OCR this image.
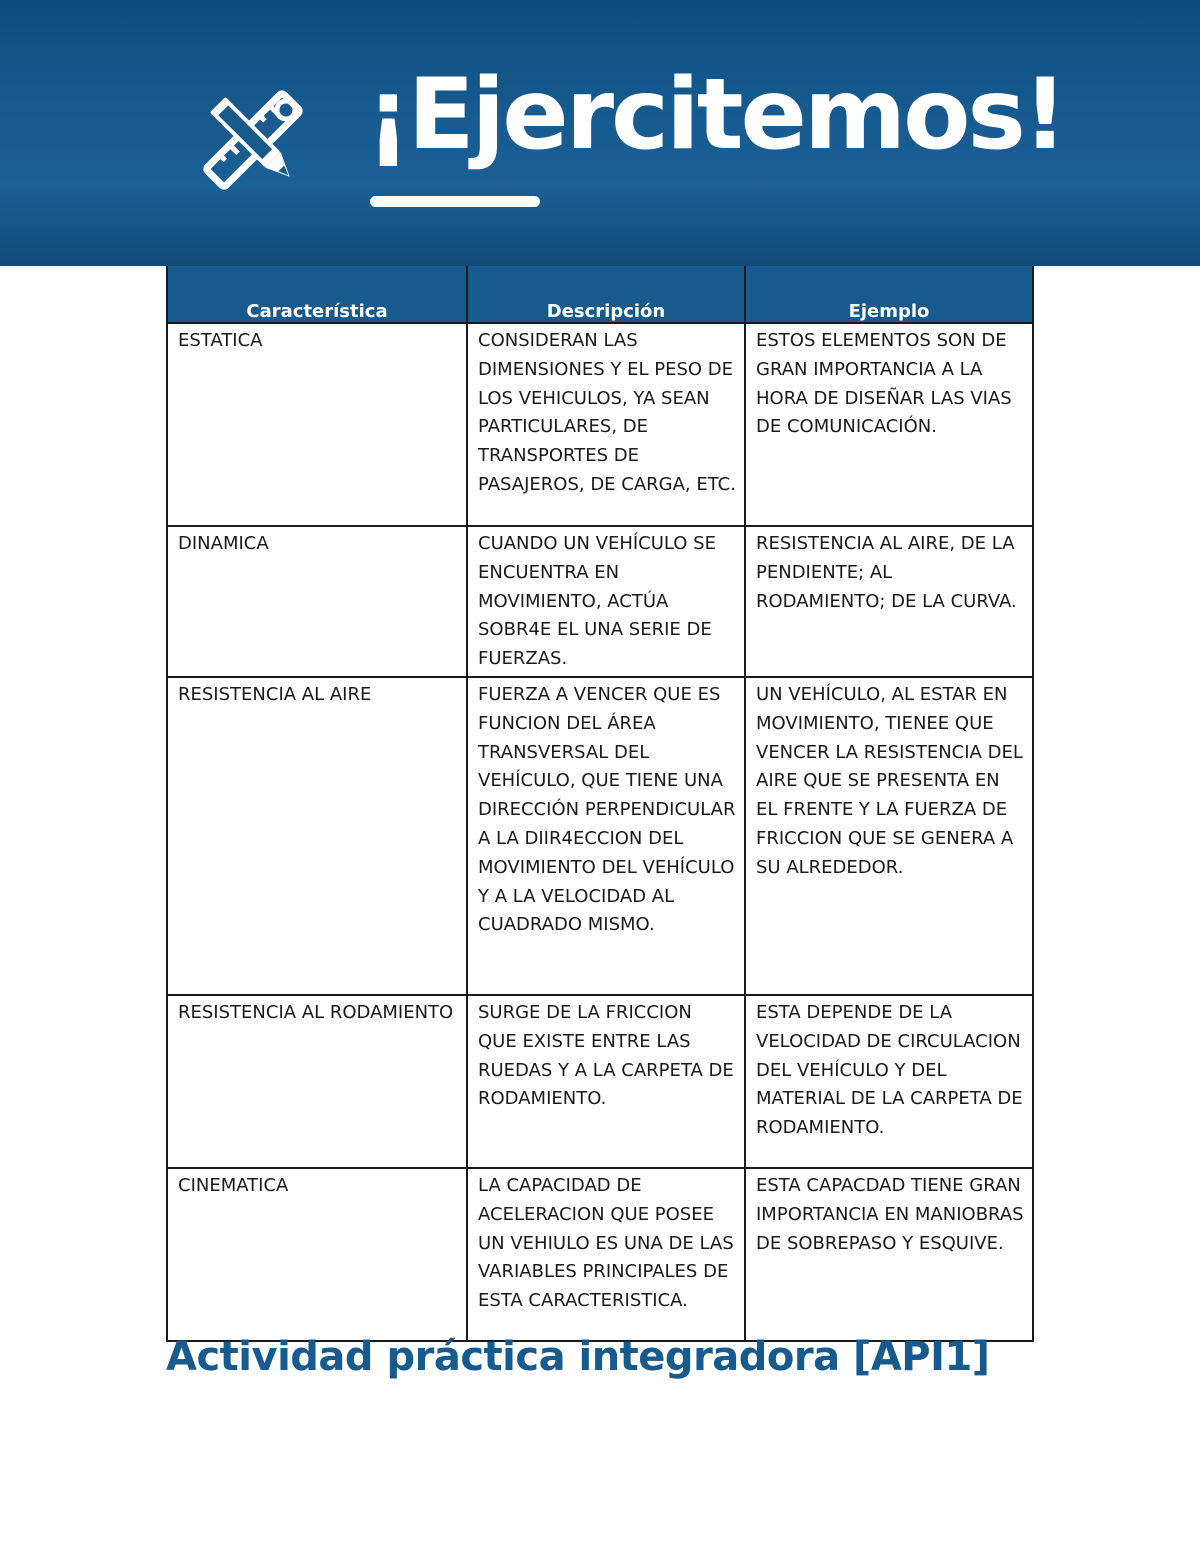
¡Ejercitemos!
Característica	Descripción	Ejemplo
ESTATICA	CONSIDERAN LAS DIMENSIONES Y EL PESO DE LOS VEHICULOS, YA SEAN PARTICULARES, DE TRANSPORTES DE PASAJEROS, DE CARGA, ETC.	ESTOS ELEMENTOS SON DE GRAN IMPORTANCIA A LA HORA DE DISEÑAR LAS VIAS DE COMUNICACIÓN.
DINAMICA	CUANDO UN VEHÍCULO SE ENCUENTRA EN MOVIMIENTO, ACTÚA SOBR4E EL UNA SERIE DE FUERZAS.	RESISTENCIA AL AIRE, DE LA PENDIENTE; AL RODAMIENTO; DE LA CURVA.
RESISTENCIA AL AIRE	FUERZA A VENCER QUE ES FUNCION DEL ÁREA TRANSVERSAL DEL VEHÍCULO, QUE TIENE UNA DIRECCIÓN PERPENDICULAR A LA DIIR4ECCION DEL MOVIMIENTO DEL VEHÍCULO Y A LA VELOCIDAD AL CUADRADO MISMO.	UN VEHÍCULO, AL ESTAR EN MOVIMIENTO, TIENEE QUE VENCER LA RESISTENCIA DEL AIRE QUE SE PRESENTA EN EL FRENTE Y LA FUERZA DE FRICCION QUE SE GENERA A SU ALREDEDOR.
RESISTENCIA AL RODAMIENTO	SURGE DE LA FRICCION QUE EXISTE ENTRE LAS RUEDAS Y A LA CARPETA DE RODAMIENTO.	ESTA DEPENDE DE LA VELOCIDAD DE CIRCULACION DEL VEHÍCULO Y DEL MATERIAL DE LA CARPETA DE RODAMIENTO.
CINEMATICA	LA CAPACIDAD DE ACELERACION QUE POSEE UN VEHIULO ES UNA DE LAS VARIABLES PRINCIPALES DE ESTA CARACTERISTICA.	ESTA CAPACDAD TIENE GRAN IMPORTANCIA EN MANIOBRAS DE SOBREPASO Y ESQUIVE.
Actividad práctica integradora [API1]
